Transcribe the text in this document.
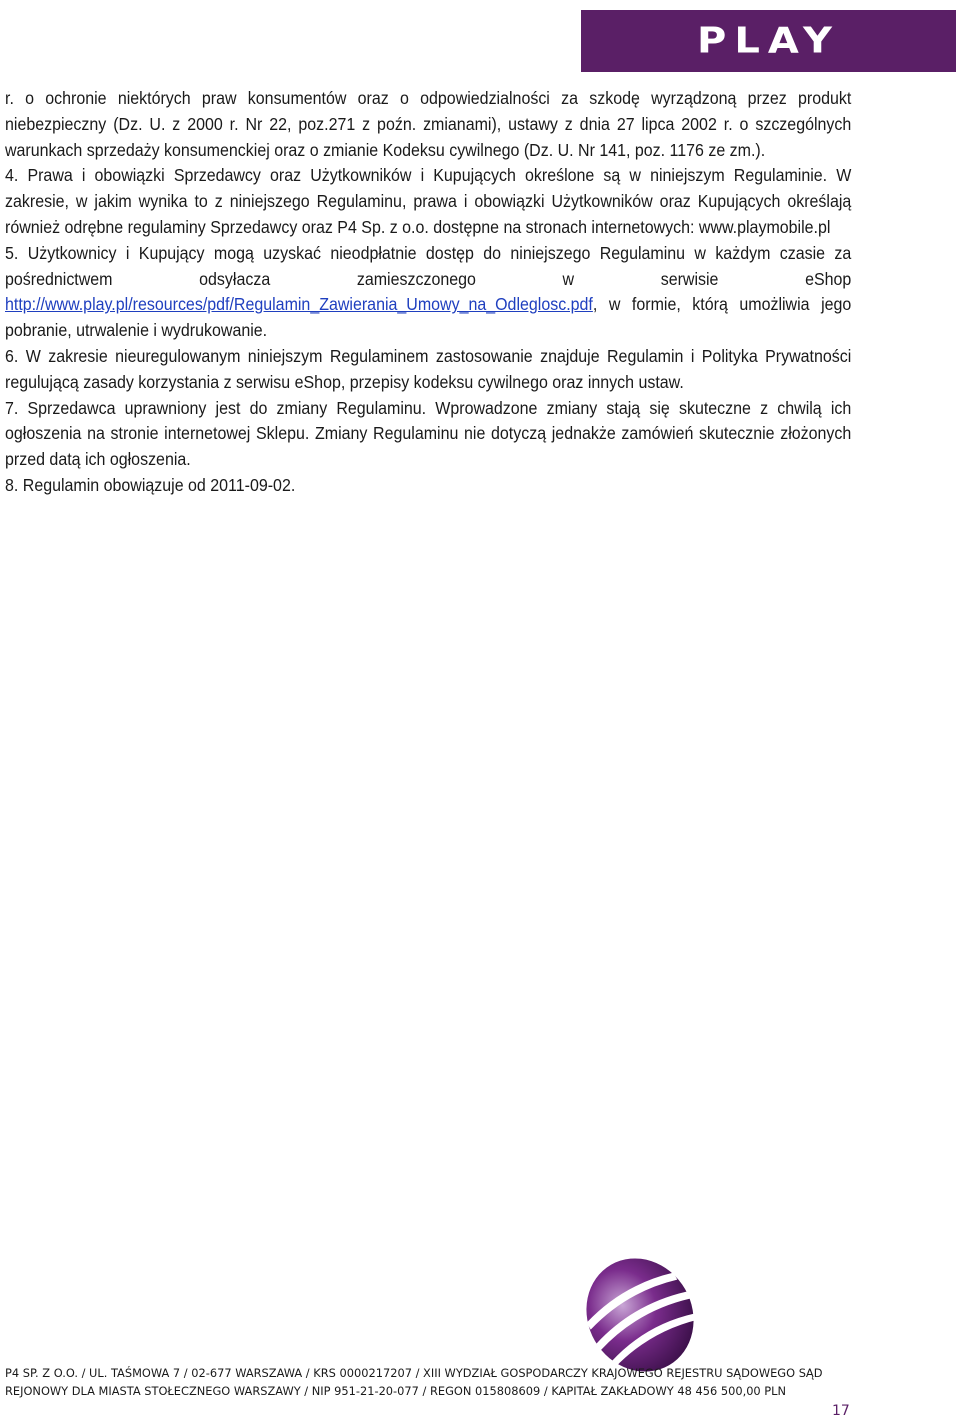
PLAY

r. o ochronie niektórych praw konsumentów oraz o odpowiedzialności za szkodę wyrządzoną przez produkt niebezpieczny (Dz. U. z 2000 r. Nr 22, poz.271 z poźn. zmianami), ustawy z dnia 27 lipca 2002 r. o szczególnych warunkach sprzedaży konsumenckiej oraz o zmianie Kodeksu cywilnego (Dz. U. Nr 141, poz. 1176 ze zm.).

4. Prawa i obowiązki Sprzedawcy oraz Użytkowników i Kupujących określone są w niniejszym Regulaminie. W zakresie, w jakim wynika to z niniejszego Regulaminu, prawa i obowiązki Użytkowników oraz Kupujących określają również odrębne regulaminy Sprzedawcy oraz P4 Sp. z o.o. dostępne na stronach internetowych: www.playmobile.pl

5. Użytkownicy i Kupujący mogą uzyskać nieodpłatnie dostęp do niniejszego Regulaminu w każdym czasie za pośrednictwem odsyłacza zamieszczonego w serwisie eShop http://www.play.pl/resources/pdf/Regulamin_Zawierania_Umowy_na_Odleglosc.pdf, w formie, którą umożliwia jego pobranie, utrwalenie i wydrukowanie.

6. W zakresie nieuregulowanym niniejszym Regulaminem zastosowanie znajduje Regulamin i Polityka Prywatności regulującą zasady korzystania z serwisu eShop, przepisy kodeksu cywilnego oraz innych ustaw.

7. Sprzedawca uprawniony jest do zmiany Regulaminu. Wprowadzone zmiany stają się skuteczne z chwilą ich ogłoszenia na stronie internetowej Sklepu. Zmiany Regulaminu nie dotyczą jednakże zamówień skutecznie złożonych przed datą ich ogłoszenia.

8. Regulamin obowiązuje od 2011-09-02.

P4 SP. Z O.O. / UL. TAŚMOWA 7 / 02-677 WARSZAWA / KRS 0000217207 / XIII WYDZIAŁ GOSPODARCZY KRAJOWEGO REJESTRU SĄDOWEGO SĄD
REJONOWY DLA MIASTA STOŁECZNEGO WARSZAWY / NIP 951-21-20-077 / REGON 015808609 / KAPITAŁ ZAKŁADOWY 48 456 500,00 PLN
17
